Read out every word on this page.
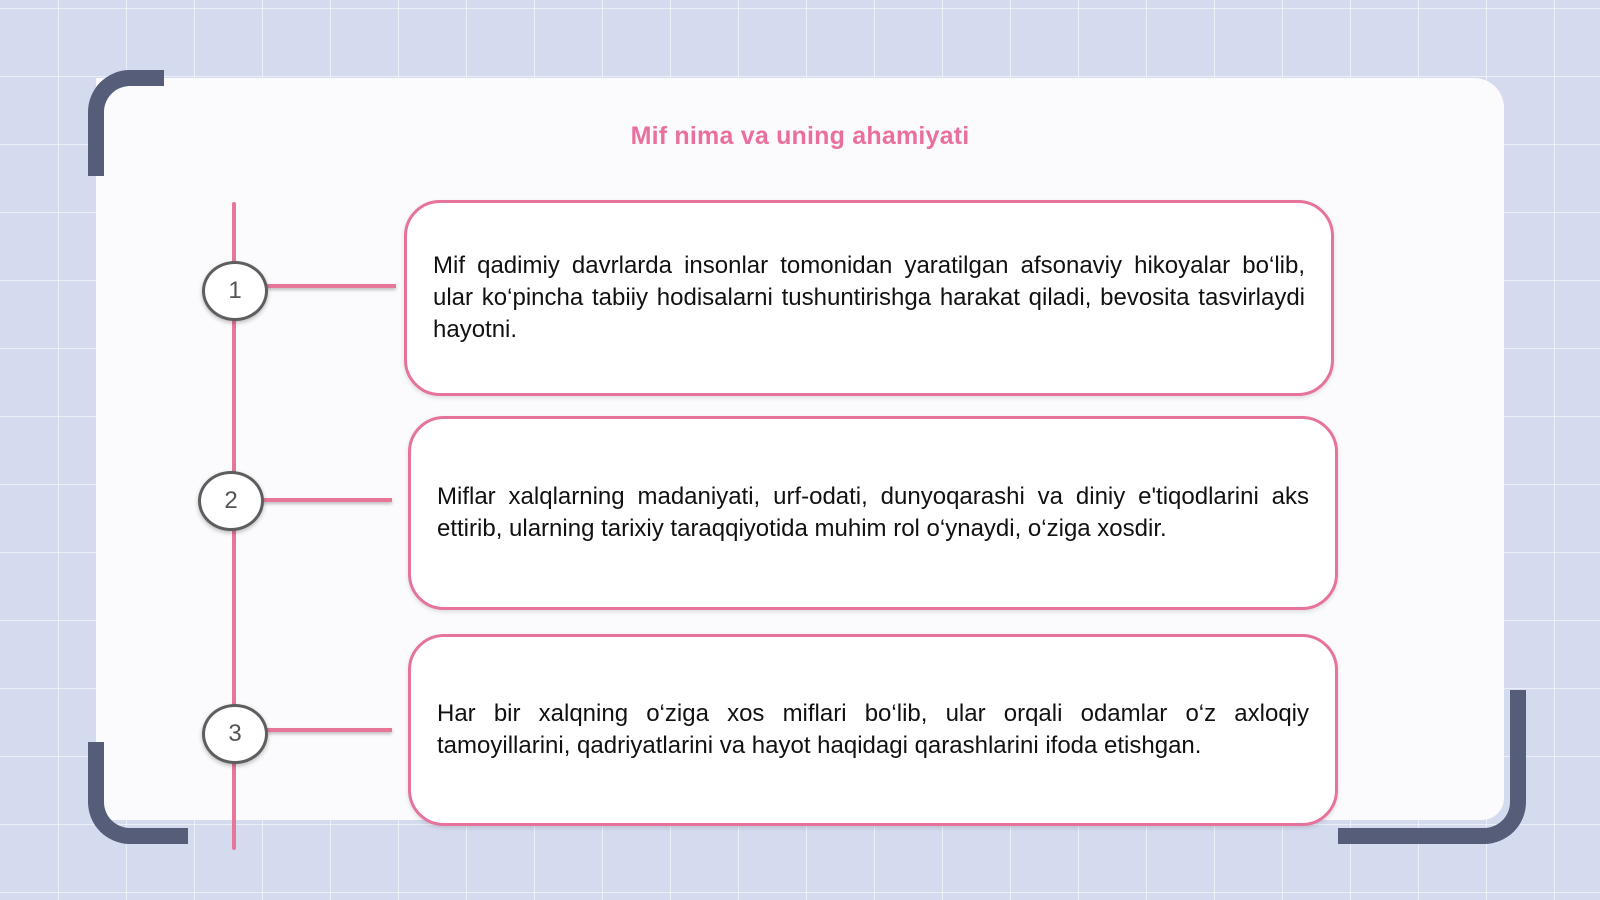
Mif nima va uning ahamiyati
1
2
3

Mif qadimiy davrlarda insonlar tomonidan yaratilgan afsonaviy hikoyalar bo‘lib, ular ko‘pincha tabiiy hodisalarni tushuntirishga harakat qiladi, bevosita tasvirlaydi hayotni.

Miflar xalqlarning madaniyati, urf-odati, dunyoqarashi va diniy e'tiqodlarini aks ettirib, ularning tarixiy taraqqiyotida muhim rol o‘ynaydi, o‘ziga xosdir.

Har bir xalqning o‘ziga xos miflari bo‘lib, ular orqali odamlar o‘z axloqiy tamoyillarini, qadriyatlarini va hayot haqidagi qarashlarini ifoda etishgan.
